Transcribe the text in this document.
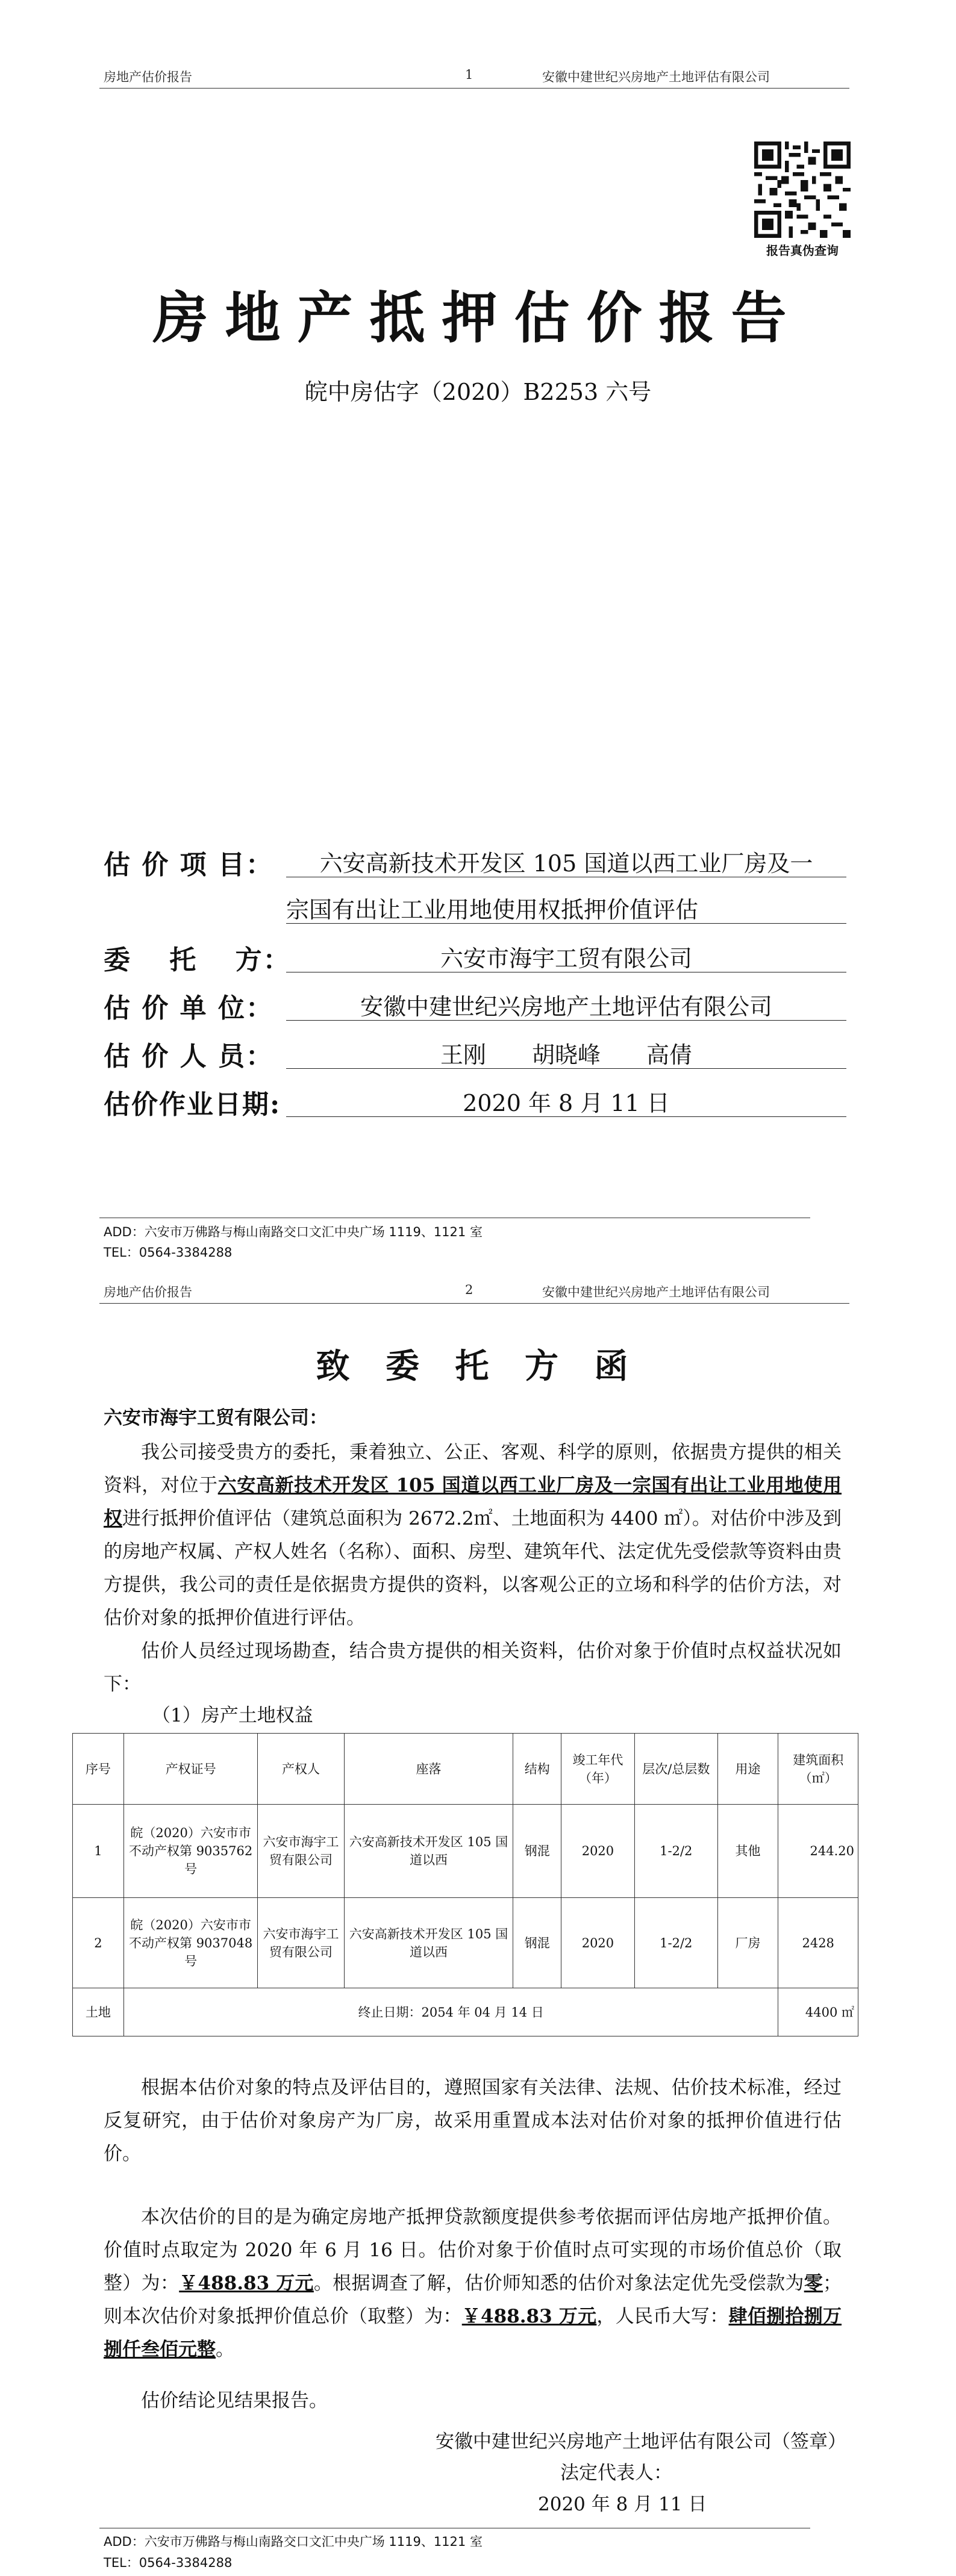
房地产估价报告	1	安徽中建世纪兴房地产土地评估有限公司
报告真伪查询
房地产抵押估价报告
皖中房估字（2020）B2253 六号
估 价 项 目：	六安高新技术开发区 105 国道以西工业厂房及一
宗国有出让工业用地使用权抵押价值评估
委　 托　 方：	六安市海宇工贸有限公司
估 价 单 位：	安徽中建世纪兴房地产土地评估有限公司
估 价 人 员：	王刚　　胡晓峰　　高倩
估价作业日期:	2020 年 8 月 11 日
ADD：六安市万佛路与梅山南路交口文汇中央广场 1119、1121 室
TEL：0564-3384288
房地产估价报告	2	安徽中建世纪兴房地产土地评估有限公司
致 委 托 方 函
六安市海宇工贸有限公司：
我公司接受贵方的委托，秉着独立、公正、客观、科学的原则，依据贵方提供的相关资料，对位于六安高新技术开发区 105 国道以西工业厂房及一宗国有出让工业用地使用权进行抵押价值评估（建筑总面积为 2672.2㎡、土地面积为 4400 ㎡）。对估价中涉及到的房地产权属、产权人姓名（名称）、面积、房型、建筑年代、法定优先受偿款等资料由贵方提供，我公司的责任是依据贵方提供的资料，以客观公正的立场和科学的估价方法，对估价对象的抵押价值进行评估。
估价人员经过现场勘查，结合贵方提供的相关资料，估价对象于价值时点权益状况如下：
（1）房产土地权益
序号	产权证号	产权人	座落	结构	竣工年代（年）	层次/总层数	用途	建筑面积（㎡）
1	皖（2020）六安市市不动产权第 9035762 号	六安市海宇工贸有限公司	六安高新技术开发区 105 国道以西	钢混	2020	1-2/2	其他	244.20
2	皖（2020）六安市市不动产权第 9037048 号	六安市海宇工贸有限公司	六安高新技术开发区 105 国道以西	钢混	2020	1-2/2	厂房	2428
土地	终止日期：2054 年 04 月 14 日							4400 ㎡
根据本估价对象的特点及评估目的，遵照国家有关法律、法规、估价技术标准，经过反复研究，由于估价对象房产为厂房，故采用重置成本法对估价对象的抵押价值进行估价。
本次估价的目的是为确定房地产抵押贷款额度提供参考依据而评估房地产抵押价值。价值时点取定为 2020 年 6 月 16 日。估价对象于价值时点可实现的市场价值总价（取整）为：￥488.83 万元。根据调查了解，估价师知悉的估价对象法定优先受偿款为零；则本次估价对象抵押价值总价（取整）为：￥488.83 万元，人民币大写：肆佰捌拾捌万捌仟叁佰元整。
估价结论见结果报告。
安徽中建世纪兴房地产土地评估有限公司（签章）
法定代表人：
2020 年 8 月 11 日
ADD：六安市万佛路与梅山南路交口文汇中央广场 1119、1121 室
TEL：0564-3384288
